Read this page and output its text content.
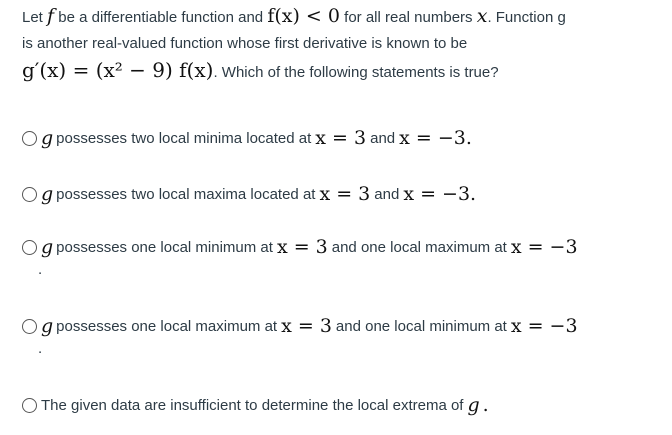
Let f be a differentiable function and f(x) < 0 for all real numbers x. Function g
is another real-valued function whose first derivative is known to be
g′(x) = (x² − 9) f(x). Which of the following statements is true?
g possesses two local minima located at x = 3 and x = −3 .
g possesses two local maxima located at x = 3 and x = −3 .
g possesses one local minimum at x = 3 and one local maximum at x = −3
.
g possesses one local maximum at x = 3 and one local minimum at x = −3
.
The given data are insufficient to determine the local extrema of g .
